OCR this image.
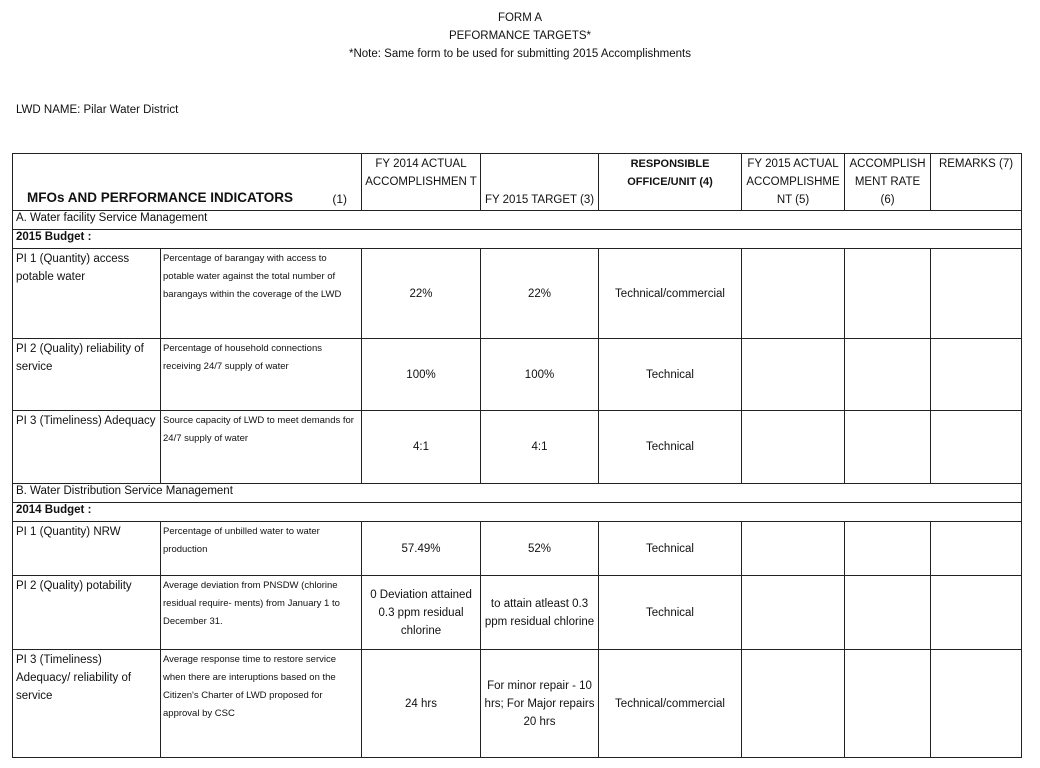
FORM A
PEFORMANCE TARGETS*
*Note: Same form to be used for submitting 2015 Accomplishments
LWD NAME: Pilar Water District
MFOs AND PERFORMANCE INDICATORS (1)		FY 2014 ACTUAL ACCOMPLISHMEN T	FY 2015 TARGET (3)	RESPONSIBLE OFFICE/UNIT (4)	FY 2015 ACTUAL ACCOMPLISHME NT (5)	ACCOMPLISH MENT RATE (6)	REMARKS (7)
A. Water facility Service Management							
2015 Budget :							
PI 1 (Quantity) access potable water	Percentage of barangay with access to potable water against the total number of barangays within the coverage of the LWD	22%	22%	Technical/commercial			
PI 2 (Quality) reliability of service	Percentage of household connections receiving 24/7 supply of water	100%	100%	Technical			
PI 3 (Timeliness) Adequacy	Source capacity of LWD to meet demands for 24/7 supply of water	4:1	4:1	Technical			
B. Water Distribution Service Management							
2014 Budget :							
PI 1 (Quantity) NRW	Percentage of unbilled water to water production	57.49%	52%	Technical			
PI 2 (Quality) potability	Average deviation from PNSDW (chlorine residual require- ments) from January 1 to December 31.	0 Deviation attained 0.3 ppm residual chlorine	to attain atleast 0.3 ppm residual chlorine	Technical			
PI 3 (Timeliness) Adequacy/ reliability of service	Average response time to restore service when there are interuptions based on the Citizen's Charter of LWD proposed for approval by CSC	24 hrs	For minor repair - 10 hrs; For Major repairs 20 hrs	Technical/commercial			
